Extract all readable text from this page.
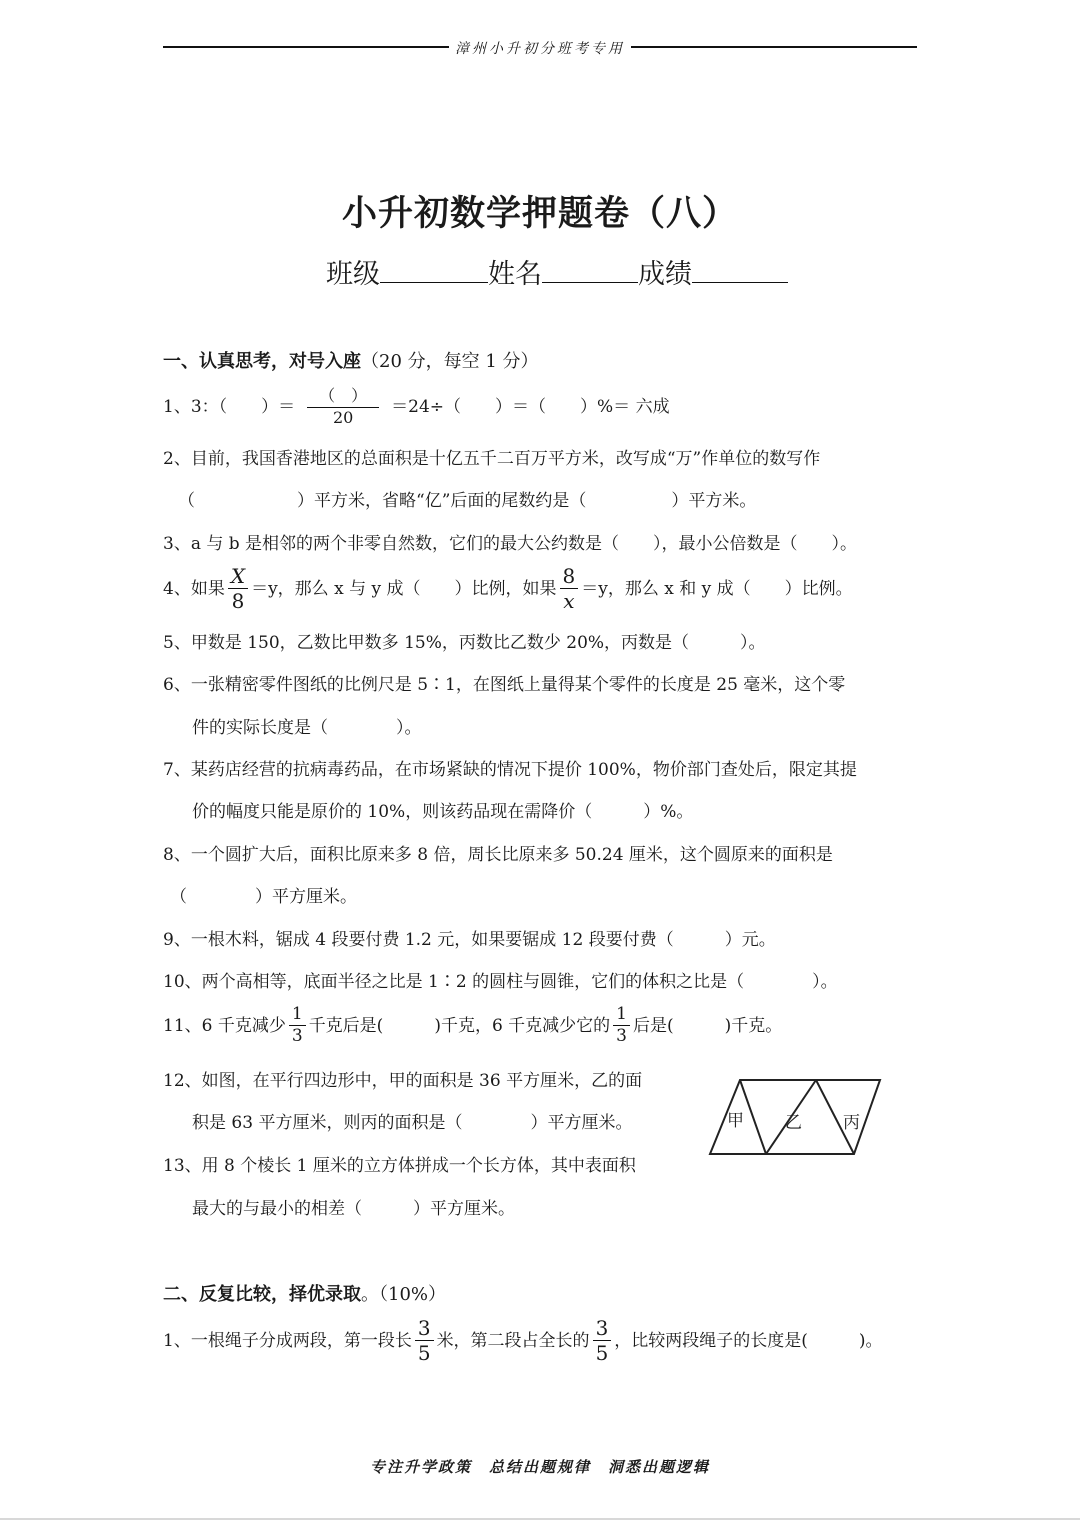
漳州小升初分班考专用
小升初数学押题卷（八）
班级	姓名	成绩
一、认真思考，对号入座（20 分，每空 1 分）
1、3：（　　）＝ $\frac{( )}{20} =24\div$（　　）＝（　　）%＝ 六成
2、目前，我国香港地区的总面积是十亿五千二百万平方米，改写成“万”作单位的数写作
（　　　　　　）平方米，省略“亿”后面的尾数约是（　　　　　）平方米。
3、a 与 b 是相邻的两个非零自然数，它们的最大公约数是（　　），最小公倍数是（　　）。
4、如果 $\frac{X}{8} =y$，那么 x 与 y 成（　　）比例，如果 $\frac{8}{x} =y$，那么 x 和 y 成（　　）比例。
5、甲数是 150，乙数比甲数多 15%，丙数比乙数少 20%，丙数是（　　　）。
6、一张精密零件图纸的比例尺是 5∶1，在图纸上量得某个零件的长度是 25 毫米，这个零
件的实际长度是（　　　　）。
7、某药店经营的抗病毒药品，在市场紧缺的情况下提价 100%，物价部门查处后，限定其提
价的幅度只能是原价的 10%，则该药品现在需降价（　　　）%。
8、一个圆扩大后，面积比原来多 8 倍，周长比原来多 50.24 厘米，这个圆原来的面积是
（　　　　）平方厘米。
9、一根木料，锯成 4 段要付费 1.2 元，如果要锯成 12 段要付费（　　　）元。
10、两个高相等，底面半径之比是 1∶2 的圆柱与圆锥，它们的体积之比是（　　　　）。
11、6 千克减少 $\frac{1}{3}$ 千克后是(　　　)千克，6 千克减少它的 $\frac{1}{3}$ 后是(　　　)千克。
12、如图，在平行四边形中，甲的面积是 36 平方厘米，乙的面
积是 63 平方厘米，则丙的面积是（　　　　）平方厘米。	甲 乙 丙
13、用 8 个棱长 1 厘米的立方体拼成一个长方体，其中表面积
最大的与最小的相差（　　　）平方厘米。
二、反复比较，择优录取。（10%）
1、一根绳子分成两段，第一段长 $\frac{3}{5}$ 米，第二段占全长的 $\frac{3}{5}$ ，比较两段绳子的长度是(　　　)。
专注升学政策　总结出题规律　洞悉出题逻辑
